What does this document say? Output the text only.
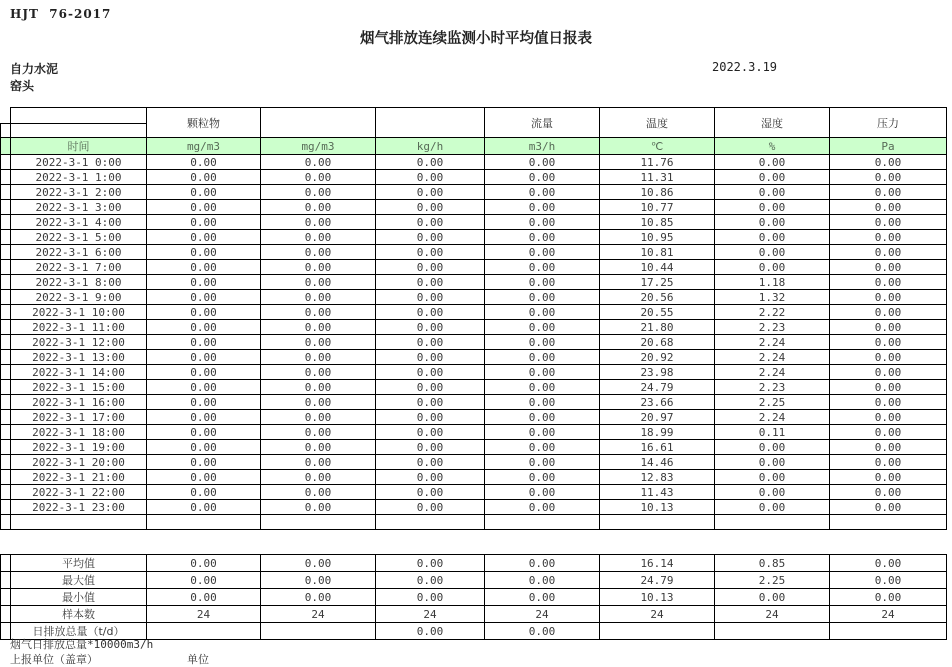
HJT  76-2017
烟气排放连续监测小时平均值日报表
自力水泥
窑头
2022.3.19
		颗粒物			流量	温度	湿度	压力

	时间	mg/m3	mg/m3	kg/h	m3/h	℃	%	Pa
	2022-3-1 0:00	0.00	0.00	0.00	0.00	11.76	0.00	0.00
	2022-3-1 1:00	0.00	0.00	0.00	0.00	11.31	0.00	0.00
	2022-3-1 2:00	0.00	0.00	0.00	0.00	10.86	0.00	0.00
	2022-3-1 3:00	0.00	0.00	0.00	0.00	10.77	0.00	0.00
	2022-3-1 4:00	0.00	0.00	0.00	0.00	10.85	0.00	0.00
	2022-3-1 5:00	0.00	0.00	0.00	0.00	10.95	0.00	0.00
	2022-3-1 6:00	0.00	0.00	0.00	0.00	10.81	0.00	0.00
	2022-3-1 7:00	0.00	0.00	0.00	0.00	10.44	0.00	0.00
	2022-3-1 8:00	0.00	0.00	0.00	0.00	17.25	1.18	0.00
	2022-3-1 9:00	0.00	0.00	0.00	0.00	20.56	1.32	0.00
	2022-3-1 10:00	0.00	0.00	0.00	0.00	20.55	2.22	0.00
	2022-3-1 11:00	0.00	0.00	0.00	0.00	21.80	2.23	0.00
	2022-3-1 12:00	0.00	0.00	0.00	0.00	20.68	2.24	0.00
	2022-3-1 13:00	0.00	0.00	0.00	0.00	20.92	2.24	0.00
	2022-3-1 14:00	0.00	0.00	0.00	0.00	23.98	2.24	0.00
	2022-3-1 15:00	0.00	0.00	0.00	0.00	24.79	2.23	0.00
	2022-3-1 16:00	0.00	0.00	0.00	0.00	23.66	2.25	0.00
	2022-3-1 17:00	0.00	0.00	0.00	0.00	20.97	2.24	0.00
	2022-3-1 18:00	0.00	0.00	0.00	0.00	18.99	0.11	0.00
	2022-3-1 19:00	0.00	0.00	0.00	0.00	16.61	0.00	0.00
	2022-3-1 20:00	0.00	0.00	0.00	0.00	14.46	0.00	0.00
	2022-3-1 21:00	0.00	0.00	0.00	0.00	12.83	0.00	0.00
	2022-3-1 22:00	0.00	0.00	0.00	0.00	11.43	0.00	0.00
	2022-3-1 23:00	0.00	0.00	0.00	0.00	10.13	0.00	0.00

	平均值	0.00	0.00	0.00	0.00	16.14	0.85	0.00
	最大值	0.00	0.00	0.00	0.00	24.79	2.25	0.00
	最小值	0.00	0.00	0.00	0.00	10.13	0.00	0.00
	样本数	24	24	24	24	24	24	24
	日排放总量（t/d）			0.00	0.00			
烟气日排放总量*10000m3/h
上报单位（盖章）	单位
